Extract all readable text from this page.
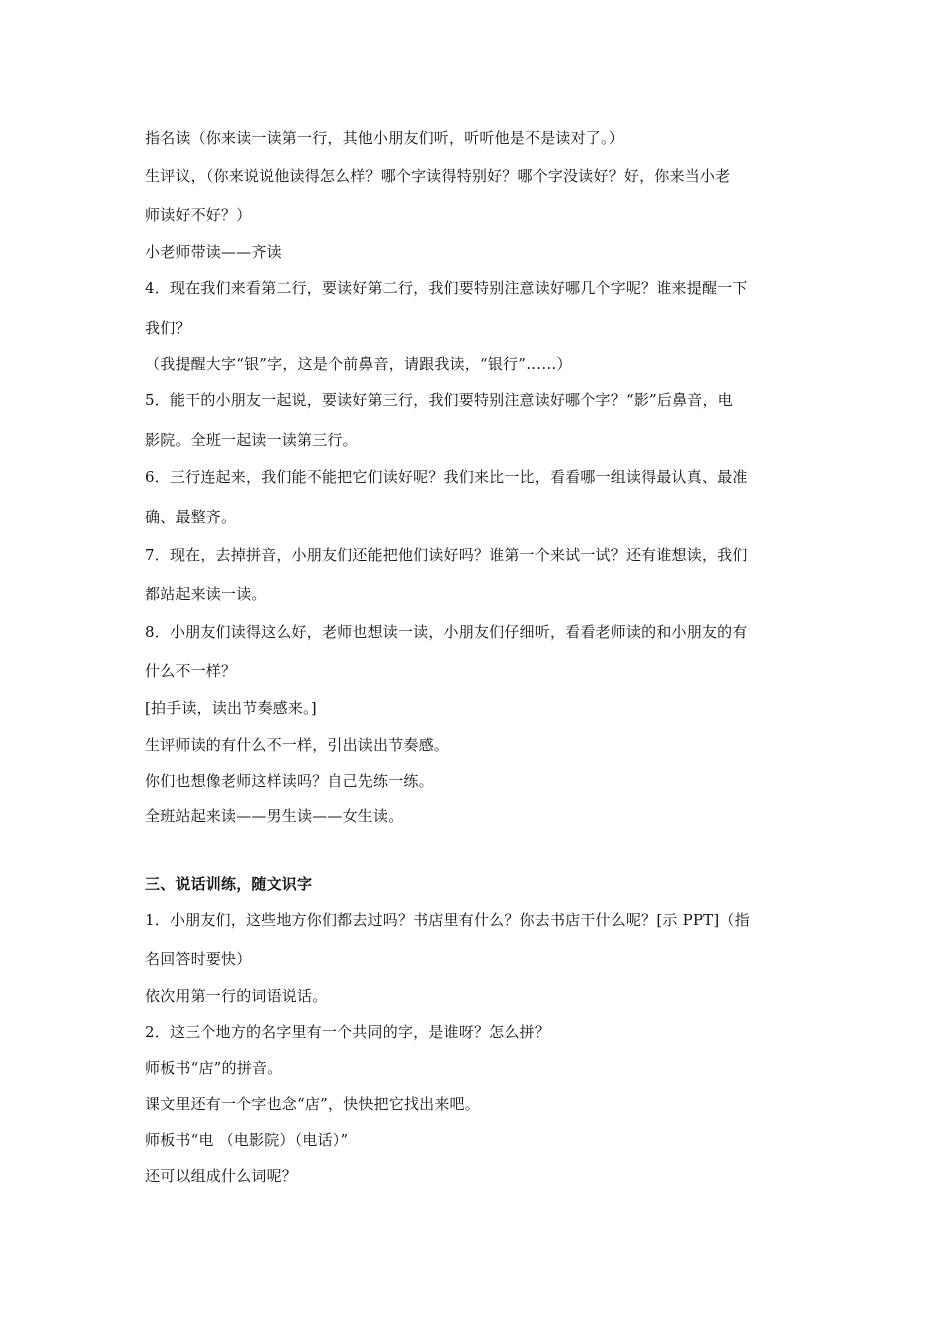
指名读（你来读一读第一行，其他小朋友们听，听听他是不是读对了。）
生评议，（你来说说他读得怎么样？哪个字读得特别好？哪个字没读好？好，你来当小老
师读好不好？）
小老师带读——齐读
4．现在我们来看第二行，要读好第二行，我们要特别注意读好哪几个字呢？谁来提醒一下
我们？
（我提醒大字“银”字，这是个前鼻音，请跟我读，“银行”……）
5．能干的小朋友一起说，要读好第三行，我们要特别注意读好哪个字？“影”后鼻音，电
影院。全班一起读一读第三行。
6．三行连起来，我们能不能把它们读好呢？我们来比一比，看看哪一组读得最认真、最准
确、最整齐。
7．现在，去掉拼音，小朋友们还能把他们读好吗？谁第一个来试一试？还有谁想读，我们
都站起来读一读。
8．小朋友们读得这么好，老师也想读一读，小朋友们仔细听，看看老师读的和小朋友的有
什么不一样？
[拍手读，读出节奏感来。]
生评师读的有什么不一样，引出读出节奏感。
你们也想像老师这样读吗？自己先练一练。
全班站起来读——男生读——女生读。
三、说话训练，随文识字
1．小朋友们，这些地方你们都去过吗？书店里有什么？你去书店干什么呢？[示 PPT]（指
名回答时要快）
依次用第一行的词语说话。
2．这三个地方的名字里有一个共同的字，是谁呀？怎么拼？
师板书“店”的拼音。
课文里还有一个字也念“店”，快快把它找出来吧。
师板书“电 （电影院）（电话）”
还可以组成什么词呢？
